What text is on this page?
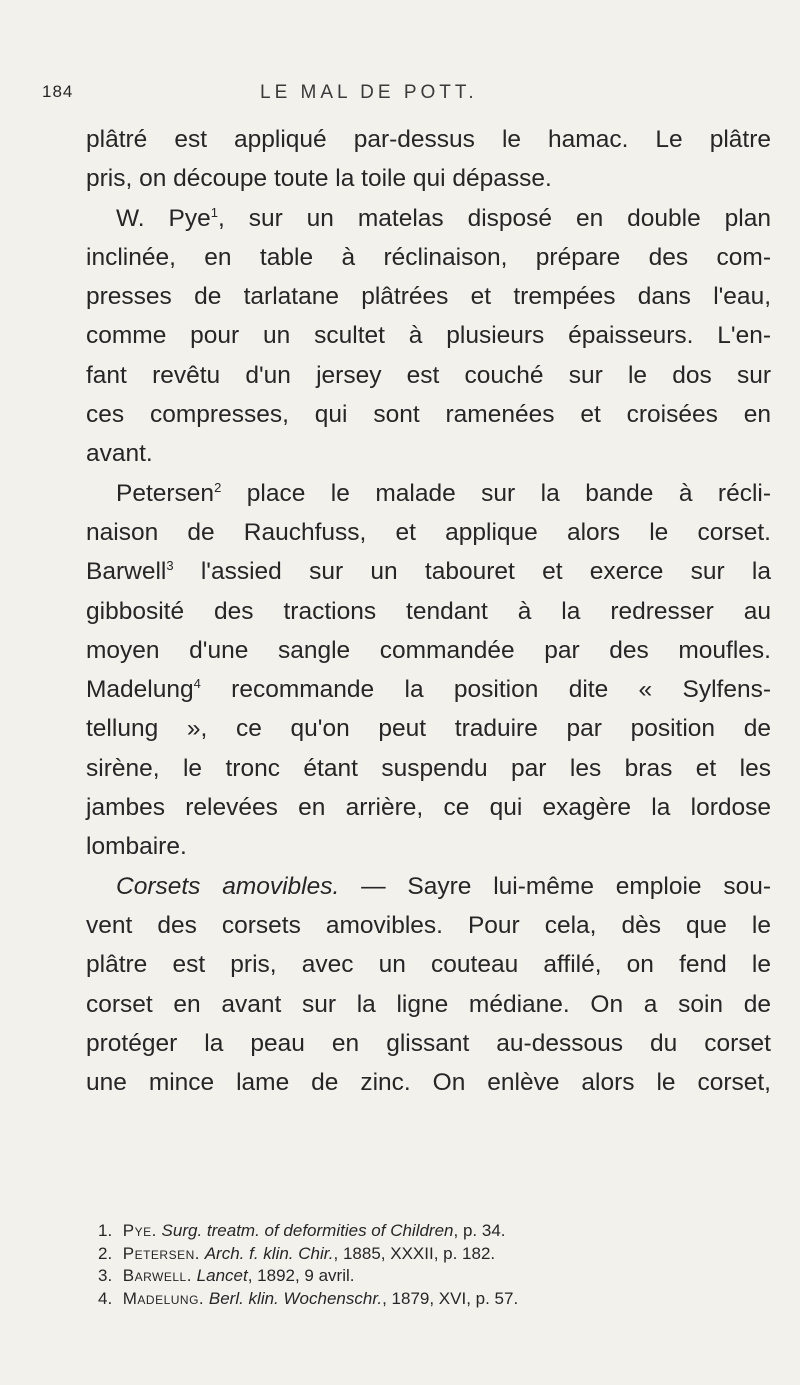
184	LE MAL DE POTT.
plâtré est appliqué par-dessus le hamac. Le plâtre
pris, on découpe toute la toile qui dépasse.
W. Pye$^1$, sur un matelas disposé en double plan
inclinée, en table à réclinaison, prépare des com-
presses de tarlatane plâtrées et trempées dans l'eau,
comme pour un scultet à plusieurs épaisseurs. L'en-
fant revêtu d'un jersey est couché sur le dos sur
ces compresses, qui sont ramenées et croisées en
avant.
Petersen$^2$ place le malade sur la bande à récli-
naison de Rauchfuss, et applique alors le corset.
Barwell$^3$ l'assied sur un tabouret et exerce sur la
gibbosité des tractions tendant à la redresser au
moyen d'une sangle commandée par des moufles.
Madelung$^4$ recommande la position dite « Sylfens-
tellung », ce qu'on peut traduire par position de
sirène, le tronc étant suspendu par les bras et les
jambes relevées en arrière, ce qui exagère la lordose
lombaire.
Corsets amovibles. — Sayre lui-même emploie sou-
vent des corsets amovibles. Pour cela, dès que le
plâtre est pris, avec un couteau affilé, on fend le
corset en avant sur la ligne médiane. On a soin de
protéger la peau en glissant au-dessous du corset
une mince lame de zinc. On enlève alors le corset,
1. Pye. Surg. treatm. of deformities of Children, p. 34.
2. Petersen. Arch. f. klin. Chir., 1885, XXXII, p. 182.
3. Barwell. Lancet, 1892, 9 avril.
4. Madelung. Berl. klin. Wochenschr., 1879, XVI, p. 57.
